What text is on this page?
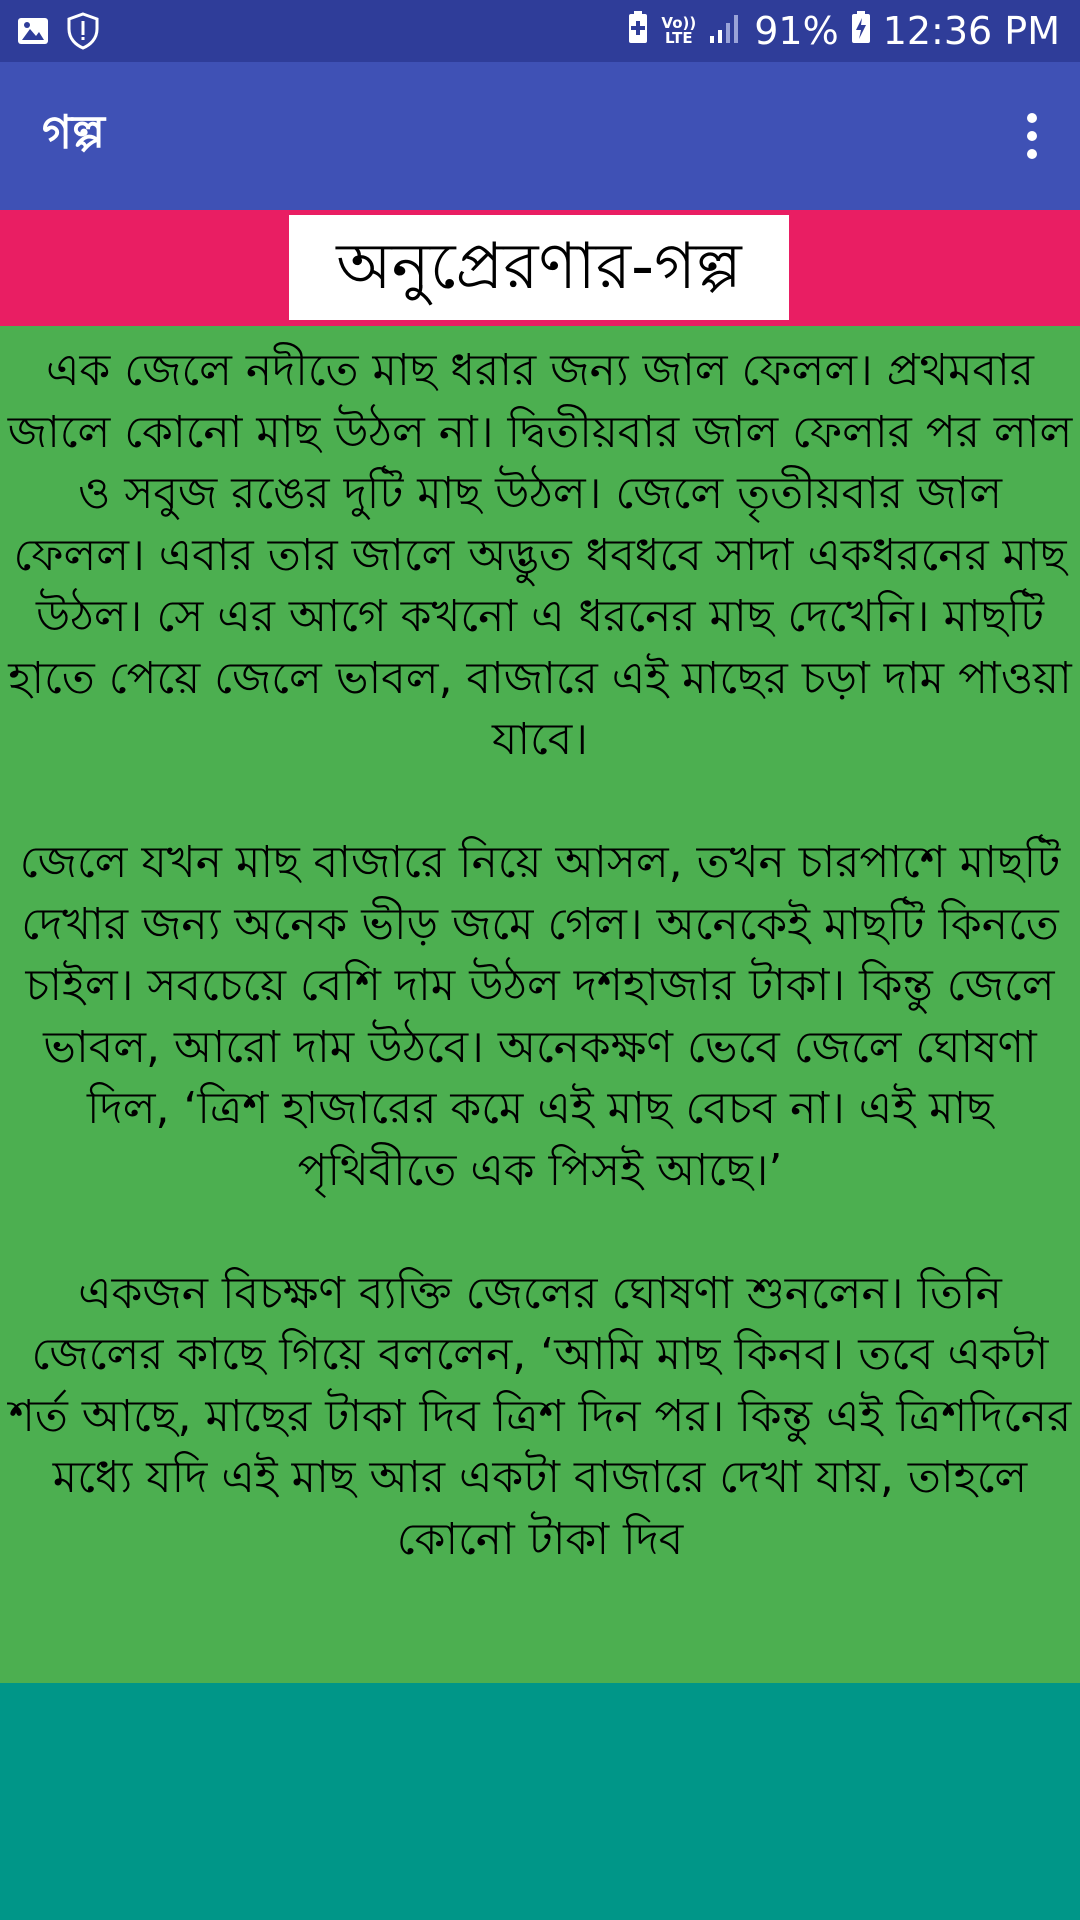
Vo))
LTE 91% 12:36 PM
গল্প
অনুপ্রেরণার-গল্প

এক জেলে নদীতে মাছ ধরার জন্য জাল ফেলল। প্রথমবার জালে কোনো মাছ উঠল না। দ্বিতীয়বার জাল ফেলার পর লাল ও সবুজ রঙের দুটি মাছ উঠল। জেলে তৃতীয়বার জাল ফেলল। এবার তার জালে অদ্ভুত ধবধবে সাদা একধরনের মাছ উঠল। সে এর আগে কখনো এ ধরনের মাছ দেখেনি। মাছটি হাতে পেয়ে জেলে ভাবল, বাজারে এই মাছের চড়া দাম পাওয়া যাবে।

জেলে যখন মাছ বাজারে নিয়ে আসল, তখন চারপাশে মাছটি দেখার জন্য অনেক ভীড় জমে গেল। অনেকেই মাছটি কিনতে চাইল। সবচেয়ে বেশি দাম উঠল দশহাজার টাকা। কিন্তু জেলে ভাবল, আরো দাম উঠবে। অনেকক্ষণ ভেবে জেলে ঘোষণা দিল, ‘ত্রিশ হাজারের কমে এই মাছ বেচব না। এই মাছ পৃথিবীতে এক পিসই আছে।’

একজন বিচক্ষণ ব্যক্তি জেলের ঘোষণা শুনলেন। তিনি জেলের কাছে গিয়ে বললেন, ‘আমি মাছ কিনব। তবে একটা শর্ত আছে, মাছের টাকা দিব ত্রিশ দিন পর। কিন্তু এই ত্রিশদিনের মধ্যে যদি এই মাছ আর একটা বাজারে দেখা যায়, তাহলে কোনো টাকা দিব
